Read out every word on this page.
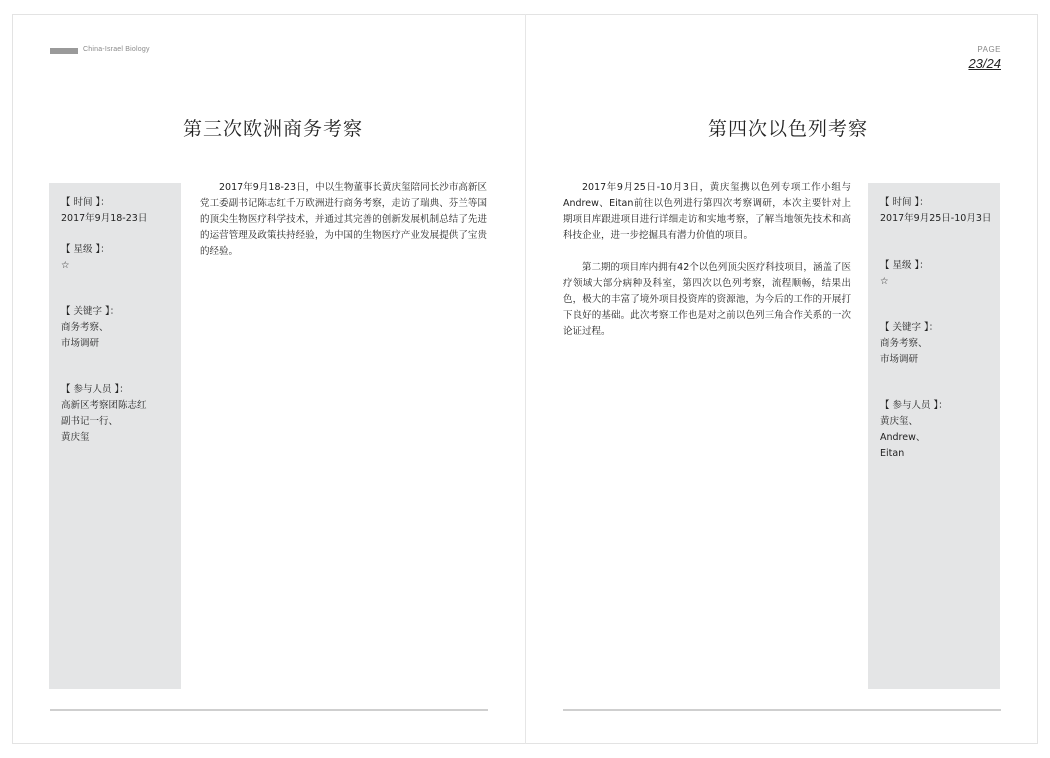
China-Israel Biology	PAGE
23/24
第三次欧洲商务考察
【 时间 】：
2017年9月18-23日
【 星级 】：
☆
【 关键字 】：
商务考察、
市场调研
【 参与人员 】：
高新区考察团陈志红
副书记一行、
黄庆玺

2017年9月18-23日，中以生物董事长黄庆玺陪同长沙市高新区党工委副书记陈志红千万欧洲进行商务考察，走访了瑞典、芬兰等国的顶尖生物医疗科学技术，并通过其完善的创新发展机制总结了先进的运营管理及政策扶持经验，为中国的生物医疗产业发展提供了宝贵的经验。

第四次以色列考察

2017年9月25日-10月3日，黄庆玺携以色列专项工作小组与Andrew、Eitan前往以色列进行第四次考察调研，本次主要针对上期项目库跟进项目进行详细走访和实地考察，了解当地领先技术和高科技企业，进一步挖掘具有潜力价值的项目。

第二期的项目库内拥有42个以色列顶尖医疗科技项目，涵盖了医疗领域大部分病种及科室，第四次以色列考察，流程顺畅，结果出色，极大的丰富了境外项目投资库的资源池，为今后的工作的开展打下良好的基础。此次考察工作也是对之前以色列三角合作关系的一次论证过程。

【 时间 】：
2017年9月25日-10月3日
【 星级 】：
☆
【 关键字 】：
商务考察、
市场调研
【 参与人员 】：
黄庆玺、
Andrew、
Eitan
